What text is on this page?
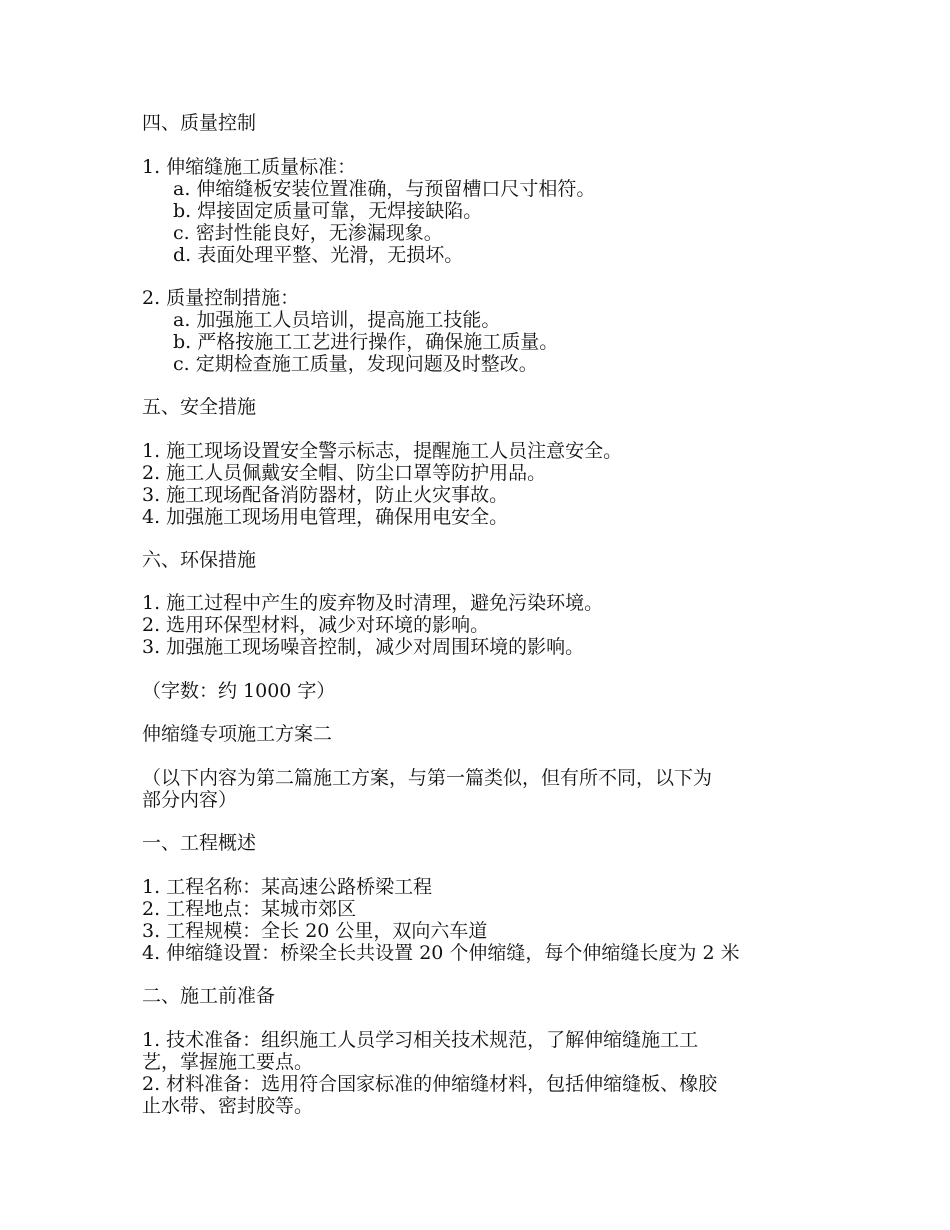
四、质量控制
1. 伸缩缝施工质量标准：
a. 伸缩缝板安装位置准确，与预留槽口尺寸相符。
b. 焊接固定质量可靠，无焊接缺陷。
c. 密封性能良好，无渗漏现象。
d. 表面处理平整、光滑，无损坏。
2. 质量控制措施：
a. 加强施工人员培训，提高施工技能。
b. 严格按施工工艺进行操作，确保施工质量。
c. 定期检查施工质量，发现问题及时整改。
五、安全措施
1. 施工现场设置安全警示标志，提醒施工人员注意安全。
2. 施工人员佩戴安全帽、防尘口罩等防护用品。
3. 施工现场配备消防器材，防止火灾事故。
4. 加强施工现场用电管理，确保用电安全。
六、环保措施
1. 施工过程中产生的废弃物及时清理，避免污染环境。
2. 选用环保型材料，减少对环境的影响。
3. 加强施工现场噪音控制，减少对周围环境的影响。
（字数：约 1000 字）
伸缩缝专项施工方案二
（以下内容为第二篇施工方案，与第一篇类似，但有所不同，以下为
部分内容）
一、工程概述
1. 工程名称：某高速公路桥梁工程
2. 工程地点：某城市郊区
3. 工程规模：全长 20 公里，双向六车道
4. 伸缩缝设置：桥梁全长共设置 20 个伸缩缝，每个伸缩缝长度为 2 米
二、施工前准备
1. 技术准备：组织施工人员学习相关技术规范，了解伸缩缝施工工
艺，掌握施工要点。
2. 材料准备：选用符合国家标准的伸缩缝材料，包括伸缩缝板、橡胶
止水带、密封胶等。
